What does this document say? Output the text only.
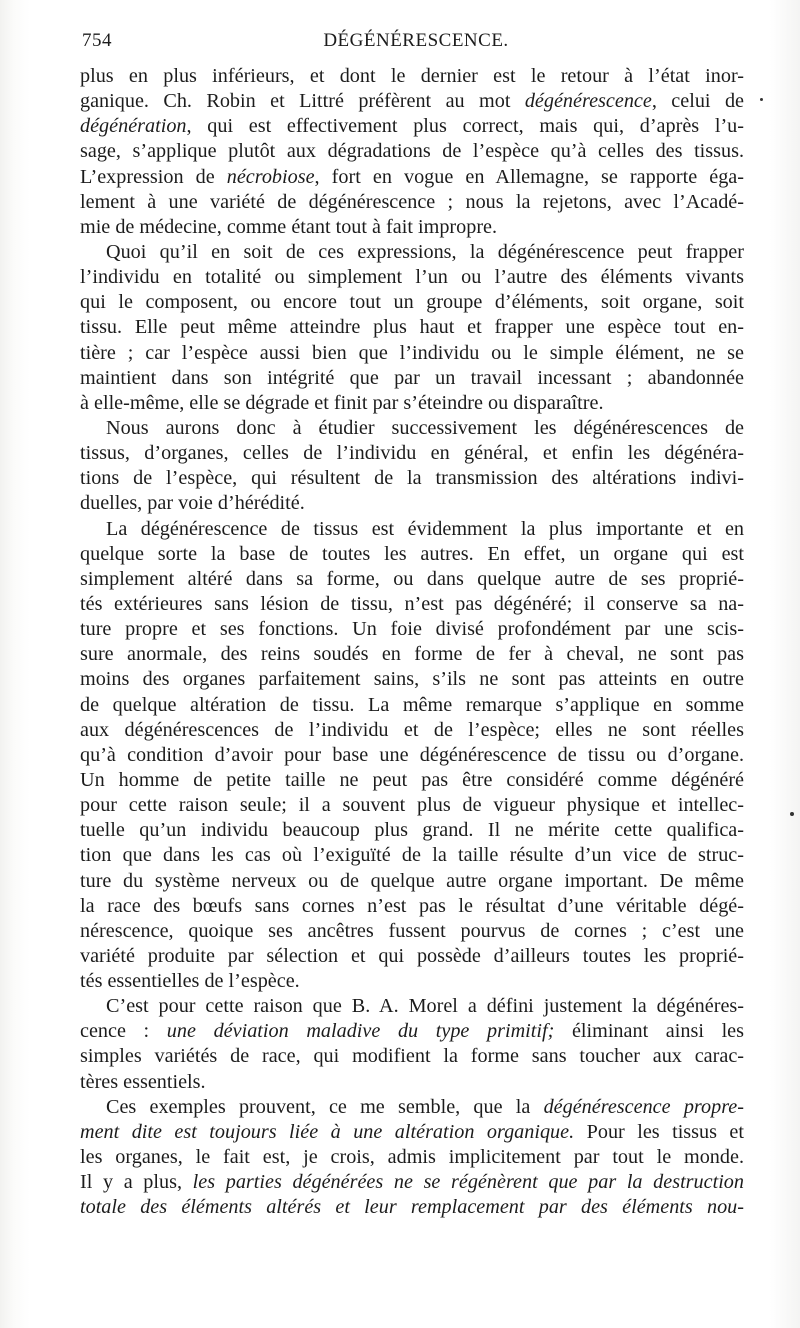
754	DÉGÉNÉRESCENCE.
plus en plus inférieurs, et dont le dernier est le retour à l’état inor-
ganique. Ch. Robin et Littré préfèrent au mot dégénérescence, celui de
dégénération, qui est effectivement plus correct, mais qui, d’après l’u-
sage, s’applique plutôt aux dégradations de l’espèce qu’à celles des tissus.
L’expression de nécrobiose, fort en vogue en Allemagne, se rapporte éga-
lement à une variété de dégénérescence ; nous la rejetons, avec l’Acadé-
mie de médecine, comme étant tout à fait impropre.
Quoi qu’il en soit de ces expressions, la dégénérescence peut frapper
l’individu en totalité ou simplement l’un ou l’autre des éléments vivants
qui le composent, ou encore tout un groupe d’éléments, soit organe, soit
tissu. Elle peut même atteindre plus haut et frapper une espèce tout en-
tière ; car l’espèce aussi bien que l’individu ou le simple élément, ne se
maintient dans son intégrité que par un travail incessant ; abandonnée
à elle-même, elle se dégrade et finit par s’éteindre ou disparaître.
Nous aurons donc à étudier successivement les dégénérescences de
tissus, d’organes, celles de l’individu en général, et enfin les dégénéra-
tions de l’espèce, qui résultent de la transmission des altérations indivi-
duelles, par voie d’hérédité.
La dégénérescence de tissus est évidemment la plus importante et en
quelque sorte la base de toutes les autres. En effet, un organe qui est
simplement altéré dans sa forme, ou dans quelque autre de ses proprié-
tés extérieures sans lésion de tissu, n’est pas dégénéré; il conserve sa na-
ture propre et ses fonctions. Un foie divisé profondément par une scis-
sure anormale, des reins soudés en forme de fer à cheval, ne sont pas
moins des organes parfaitement sains, s’ils ne sont pas atteints en outre
de quelque altération de tissu. La même remarque s’applique en somme
aux dégénérescences de l’individu et de l’espèce; elles ne sont réelles
qu’à condition d’avoir pour base une dégénérescence de tissu ou d’organe.
Un homme de petite taille ne peut pas être considéré comme dégénéré
pour cette raison seule; il a souvent plus de vigueur physique et intellec-
tuelle qu’un individu beaucoup plus grand. Il ne mérite cette qualifica-
tion que dans les cas où l’exiguïté de la taille résulte d’un vice de struc-
ture du système nerveux ou de quelque autre organe important. De même
la race des bœufs sans cornes n’est pas le résultat d’une véritable dégé-
nérescence, quoique ses ancêtres fussent pourvus de cornes ; c’est une
variété produite par sélection et qui possède d’ailleurs toutes les proprié-
tés essentielles de l’espèce.
C’est pour cette raison que B. A. Morel a défini justement la dégénéres-
cence : une déviation maladive du type primitif; éliminant ainsi les
simples variétés de race, qui modifient la forme sans toucher aux carac-
tères essentiels.
Ces exemples prouvent, ce me semble, que la dégénérescence propre-
ment dite est toujours liée à une altération organique. Pour les tissus et
les organes, le fait est, je crois, admis implicitement par tout le monde.
Il y a plus, les parties dégénérées ne se régénèrent que par la destruction
totale des éléments altérés et leur remplacement par des éléments nou-
